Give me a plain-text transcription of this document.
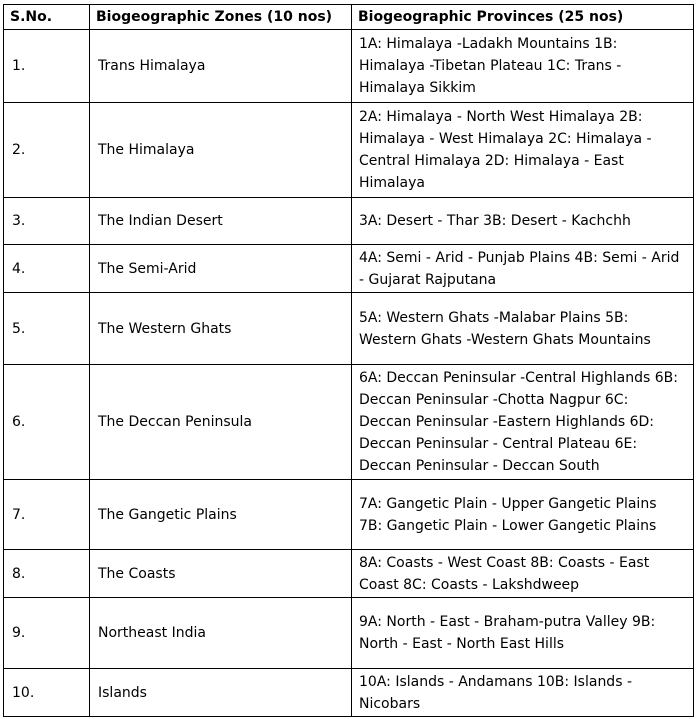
S.No.	Biogeographic Zones (10 nos)	Biogeographic Provinces (25 nos)
1.	Trans Himalaya	1A: Himalaya -Ladakh Mountains 1B: Himalaya -Tibetan Plateau 1C: Trans - Himalaya Sikkim
2.	The Himalaya	2A: Himalaya - North West Himalaya 2B: Himalaya - West Himalaya 2C: Himalaya - Central Himalaya 2D: Himalaya - East Himalaya
3.	The Indian Desert	3A: Desert - Thar 3B: Desert - Kachchh
4.	The Semi-Arid	4A: Semi - Arid - Punjab Plains 4B: Semi - Arid - Gujarat Rajputana
5.	The Western Ghats	5A: Western Ghats -Malabar Plains 5B: Western Ghats -Western Ghats Mountains
6.	The Deccan Peninsula	6A: Deccan Peninsular -Central Highlands 6B: Deccan Peninsular -Chotta Nagpur 6C: Deccan Peninsular -Eastern Highlands 6D: Deccan Peninsular - Central Plateau 6E: Deccan Peninsular - Deccan South
7.	The Gangetic Plains	7A: Gangetic Plain - Upper Gangetic Plains 7B: Gangetic Plain - Lower Gangetic Plains
8.	The Coasts	8A: Coasts - West Coast 8B: Coasts - East Coast 8C: Coasts - Lakshdweep
9.	Northeast India	9A: North - East - Braham-putra Valley 9B: North - East - North East Hills
10.	Islands	10A: Islands - Andamans 10B: Islands - Nicobars
